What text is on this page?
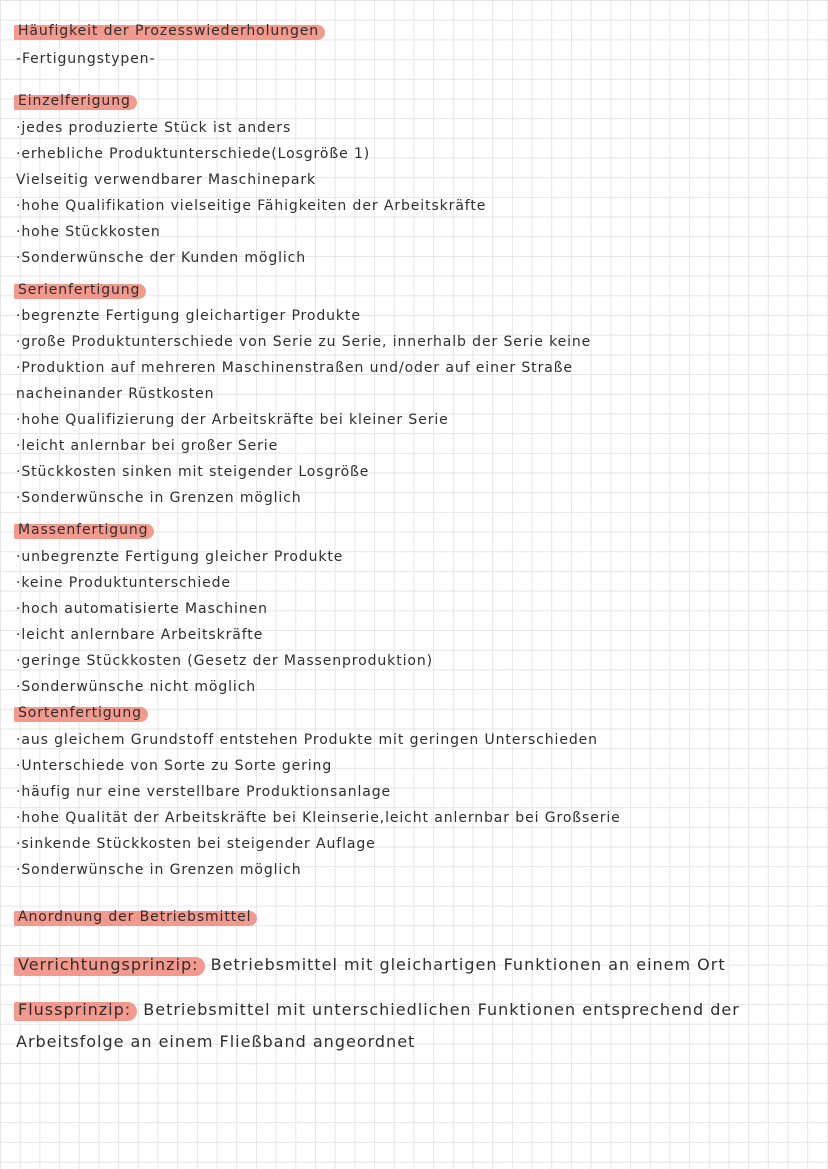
Häufigkeit der Prozesswiederholungen
-Fertigungstypen-
Einzelferigung
·jedes produzierte Stück ist anders
·erhebliche Produktunterschiede(Losgröße 1)
Vielseitig verwendbarer Maschinepark
·hohe Qualifikation vielseitige Fähigkeiten der Arbeitskräfte
·hohe Stückkosten
·Sonderwünsche der Kunden möglich
Serienfertigung
·begrenzte Fertigung gleichartiger Produkte
·große Produktunterschiede von Serie zu Serie, innerhalb der Serie keine
·Produktion auf mehreren Maschinenstraßen und/oder auf einer Straße
nacheinander Rüstkosten
·hohe Qualifizierung der Arbeitskräfte bei kleiner Serie
·leicht anlernbar bei großer Serie
·Stückkosten sinken mit steigender Losgröße
·Sonderwünsche in Grenzen möglich
Massenfertigung
·unbegrenzte Fertigung gleicher Produkte
·keine Produktunterschiede
·hoch automatisierte Maschinen
·leicht anlernbare Arbeitskräfte
·geringe Stückkosten (Gesetz der Massenproduktion)
·Sonderwünsche nicht möglich
Sortenfertigung
·aus gleichem Grundstoff entstehen Produkte mit geringen Unterschieden
·Unterschiede von Sorte zu Sorte gering
·häufig nur eine verstellbare Produktionsanlage
·hohe Qualität der Arbeitskräfte bei Kleinserie,leicht anlernbar bei Großserie
·sinkende Stückkosten bei steigender Auflage
·Sonderwünsche in Grenzen möglich
Anordnung der Betriebsmittel
Verrichtungsprinzip: Betriebsmittel mit gleichartigen Funktionen an einem Ort
Flussprinzip: Betriebsmittel mit unterschiedlichen Funktionen entsprechend der
Arbeitsfolge an einem Fließband angeordnet
